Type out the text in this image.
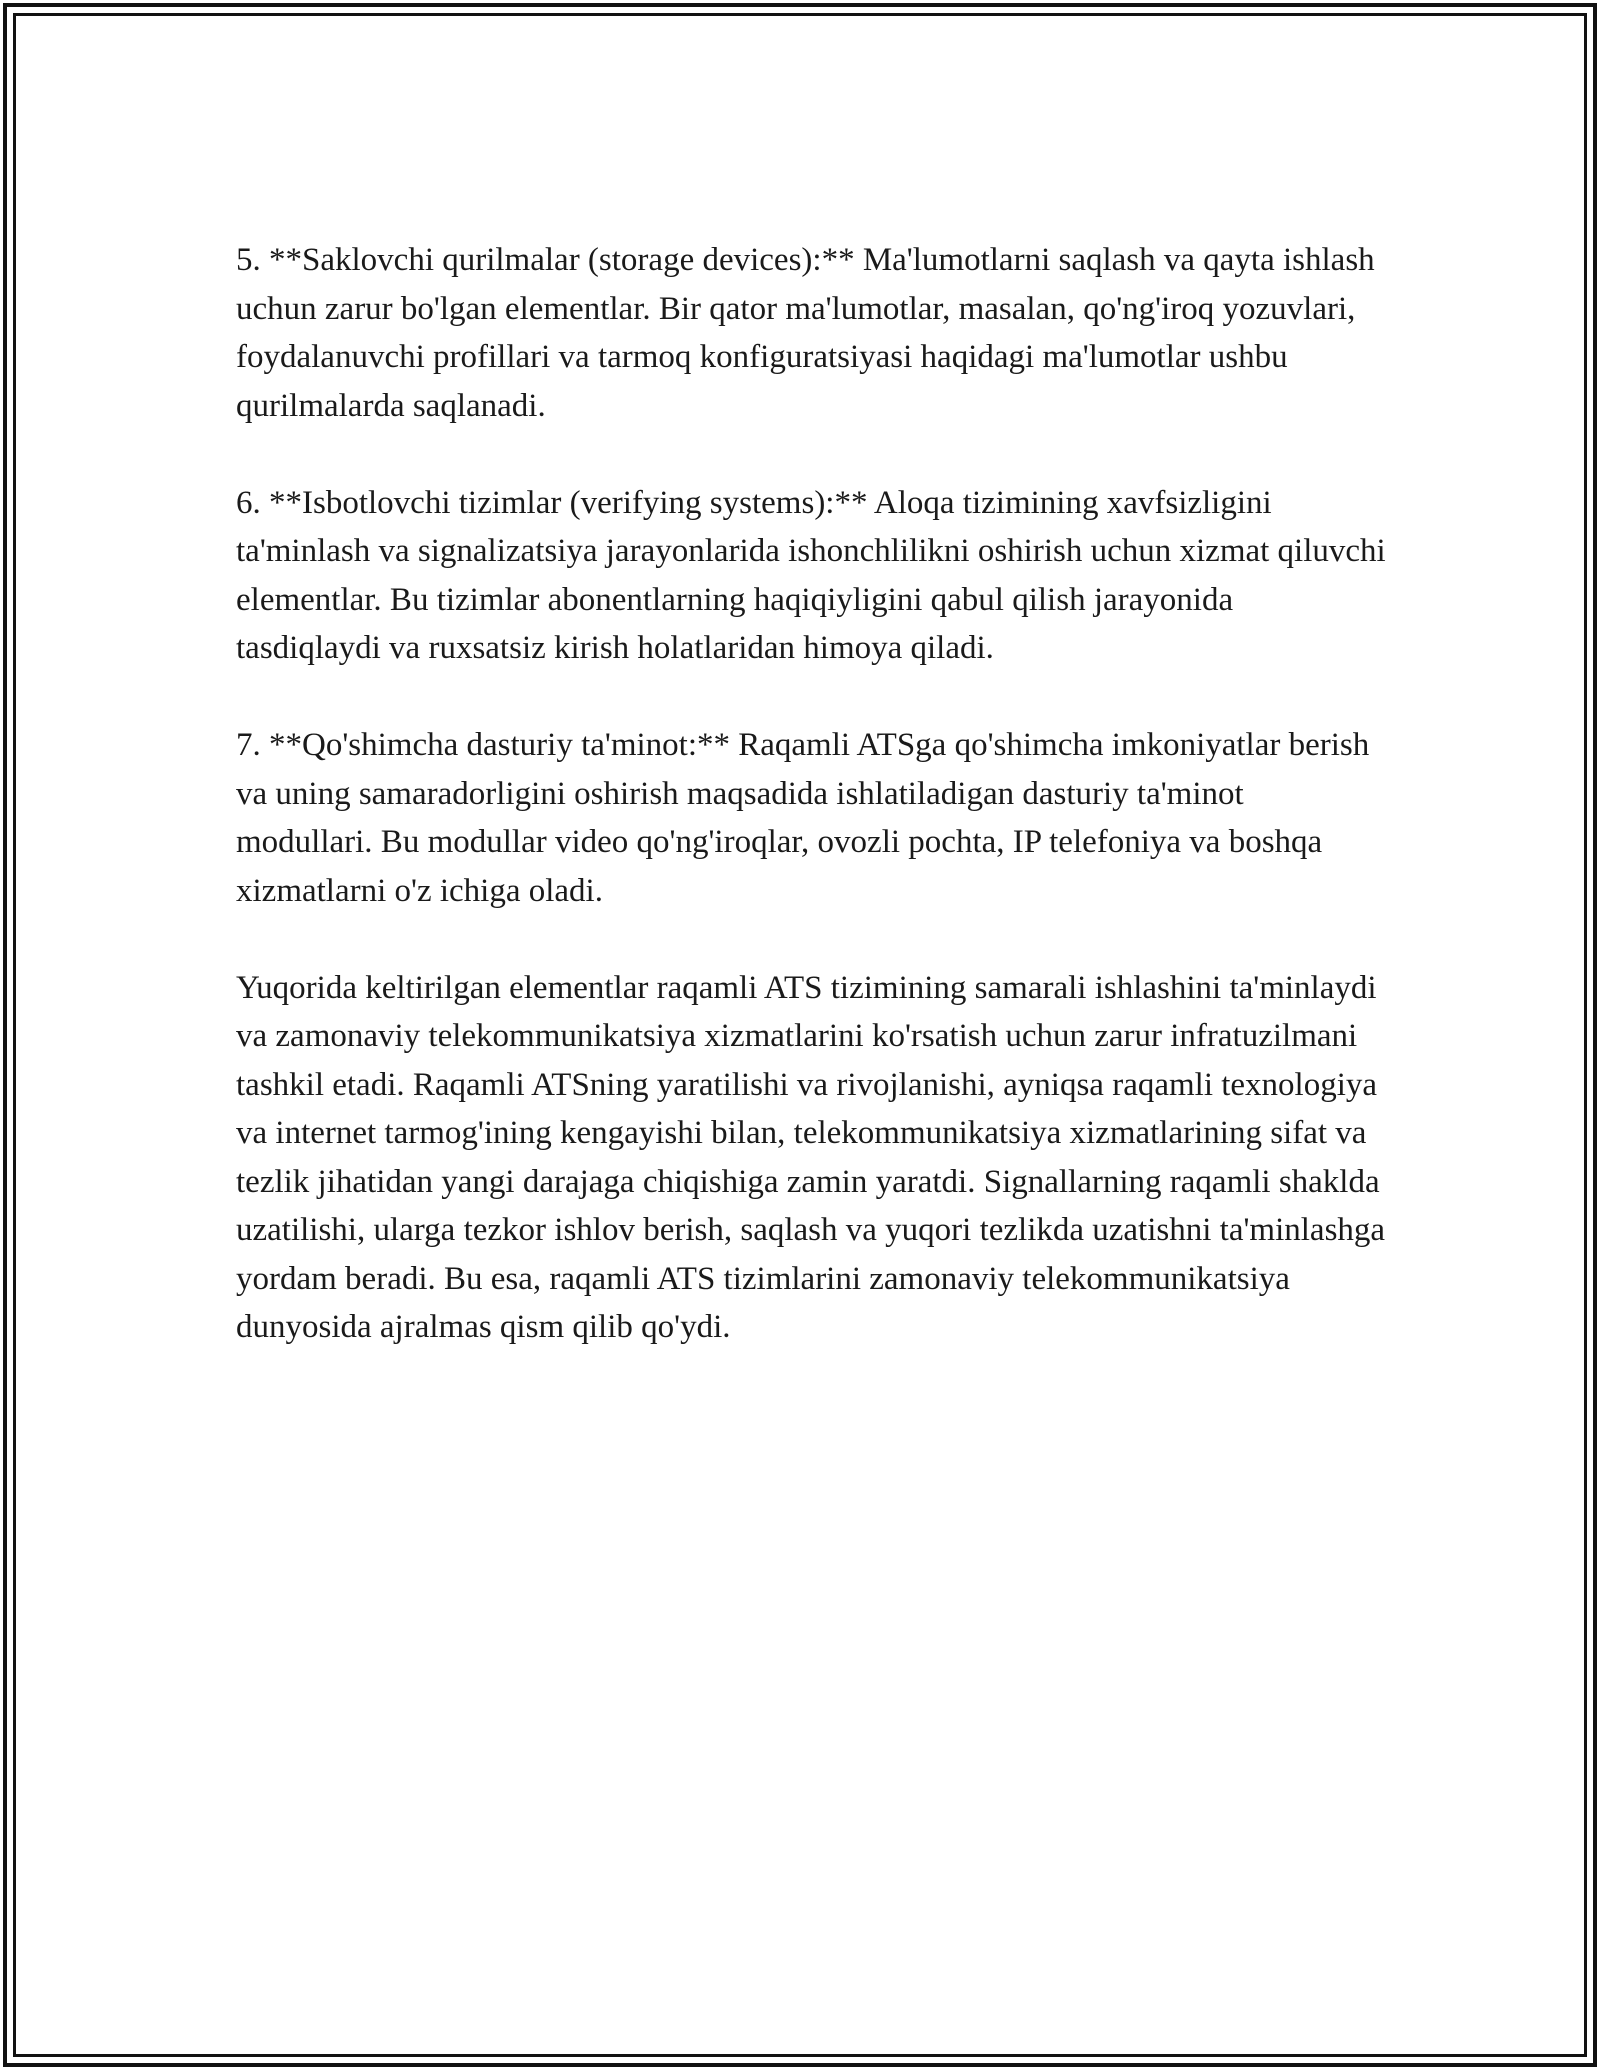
5. **Saklovchi qurilmalar (storage devices):** Ma'lumotlarni saqlash va qayta ishlash uchun zarur bo'lgan elementlar. Bir qator ma'lumotlar, masalan, qo'ng'iroq yozuvlari, foydalanuvchi profillari va tarmoq konfiguratsiyasi haqidagi ma'lumotlar ushbu qurilmalarda saqlanadi.

6. **Isbotlovchi tizimlar (verifying systems):** Aloqa tizimining xavfsizligini ta'minlash va signalizatsiya jarayonlarida ishonchlilikni oshirish uchun xizmat qiluvchi elementlar. Bu tizimlar abonentlarning haqiqiyligini qabul qilish jarayonida tasdiqlaydi va ruxsatsiz kirish holatlaridan himoya qiladi.

7. **Qo'shimcha dasturiy ta'minot:** Raqamli ATSga qo'shimcha imkoniyatlar berish va uning samaradorligini oshirish maqsadida ishlatiladigan dasturiy ta'minot modullari. Bu modullar video qo'ng'iroqlar, ovozli pochta, IP telefoniya va boshqa xizmatlarni o'z ichiga oladi.

Yuqorida keltirilgan elementlar raqamli ATS tizimining samarali ishlashini ta'minlaydi va zamonaviy telekommunikatsiya xizmatlarini ko'rsatish uchun zarur infratuzilmani tashkil etadi. Raqamli ATSning yaratilishi va rivojlanishi, ayniqsa raqamli texnologiya va internet tarmog'ining kengayishi bilan, telekommunikatsiya xizmatlarining sifat va tezlik jihatidan yangi darajaga chiqishiga zamin yaratdi. Signallarning raqamli shaklda uzatilishi, ularga tezkor ishlov berish, saqlash va yuqori tezlikda uzatishni ta'minlashga yordam beradi. Bu esa, raqamli ATS tizimlarini zamonaviy telekommunikatsiya dunyosida ajralmas qism qilib qo'ydi.
